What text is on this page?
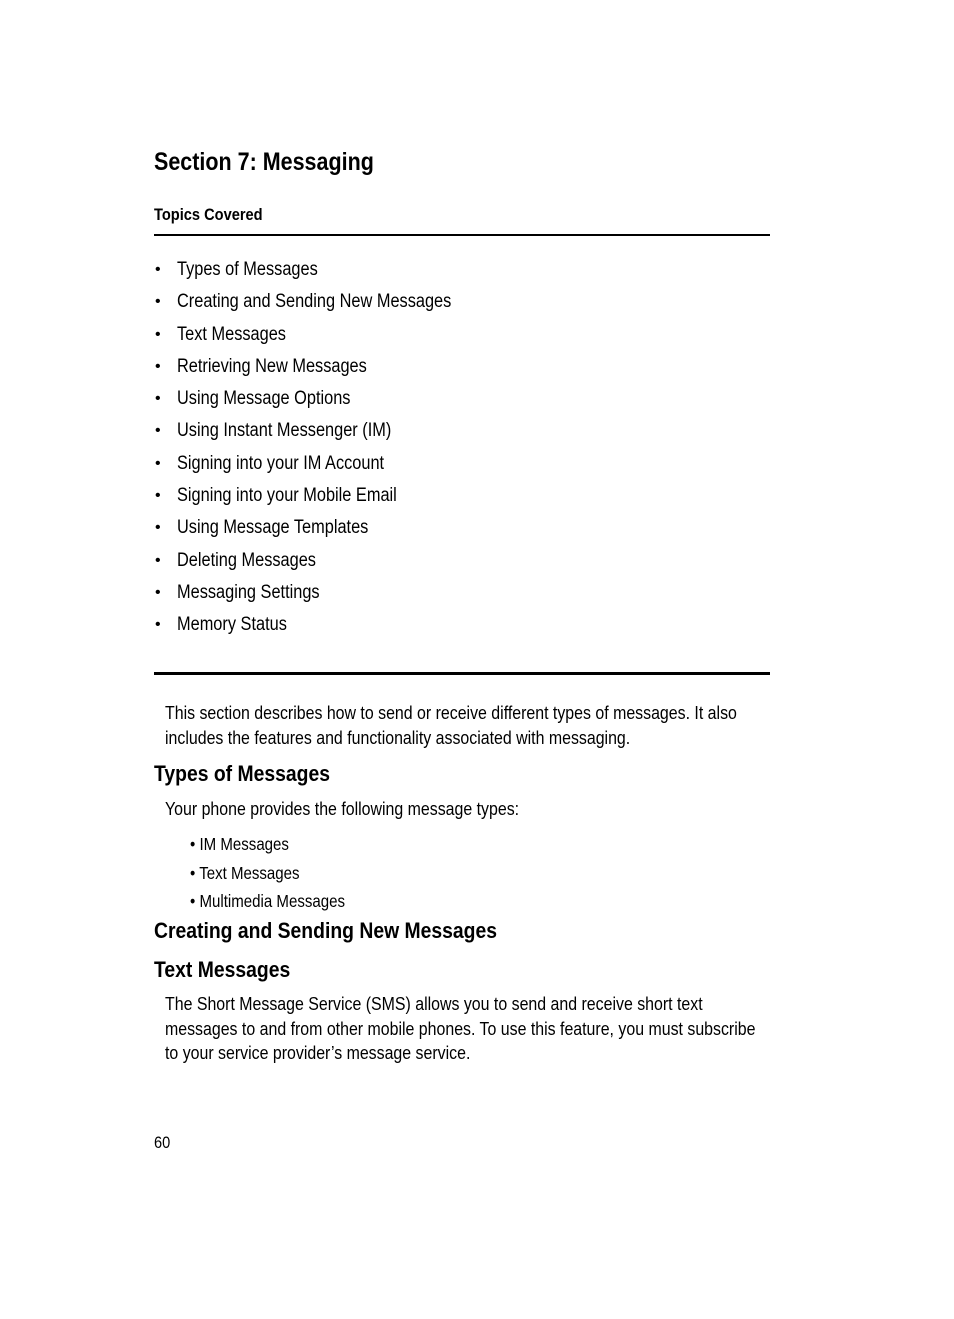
Section 7: Messaging
Topics Covered
• Types of Messages
• Creating and Sending New Messages
• Text Messages
• Retrieving New Messages
• Using Message Options
• Using Instant Messenger (IM)
• Signing into your IM Account
• Signing into your Mobile Email
• Using Message Templates
• Deleting Messages
• Messaging Settings
• Memory Status
This section describes how to send or receive different types of messages. It also
includes the features and functionality associated with messaging.
Types of Messages
Your phone provides the following message types:
• IM Messages
• Text Messages
• Multimedia Messages
Creating and Sending New Messages
Text Messages
The Short Message Service (SMS) allows you to send and receive short text
messages to and from other mobile phones. To use this feature, you must subscribe
to your service provider’s message service.
60
